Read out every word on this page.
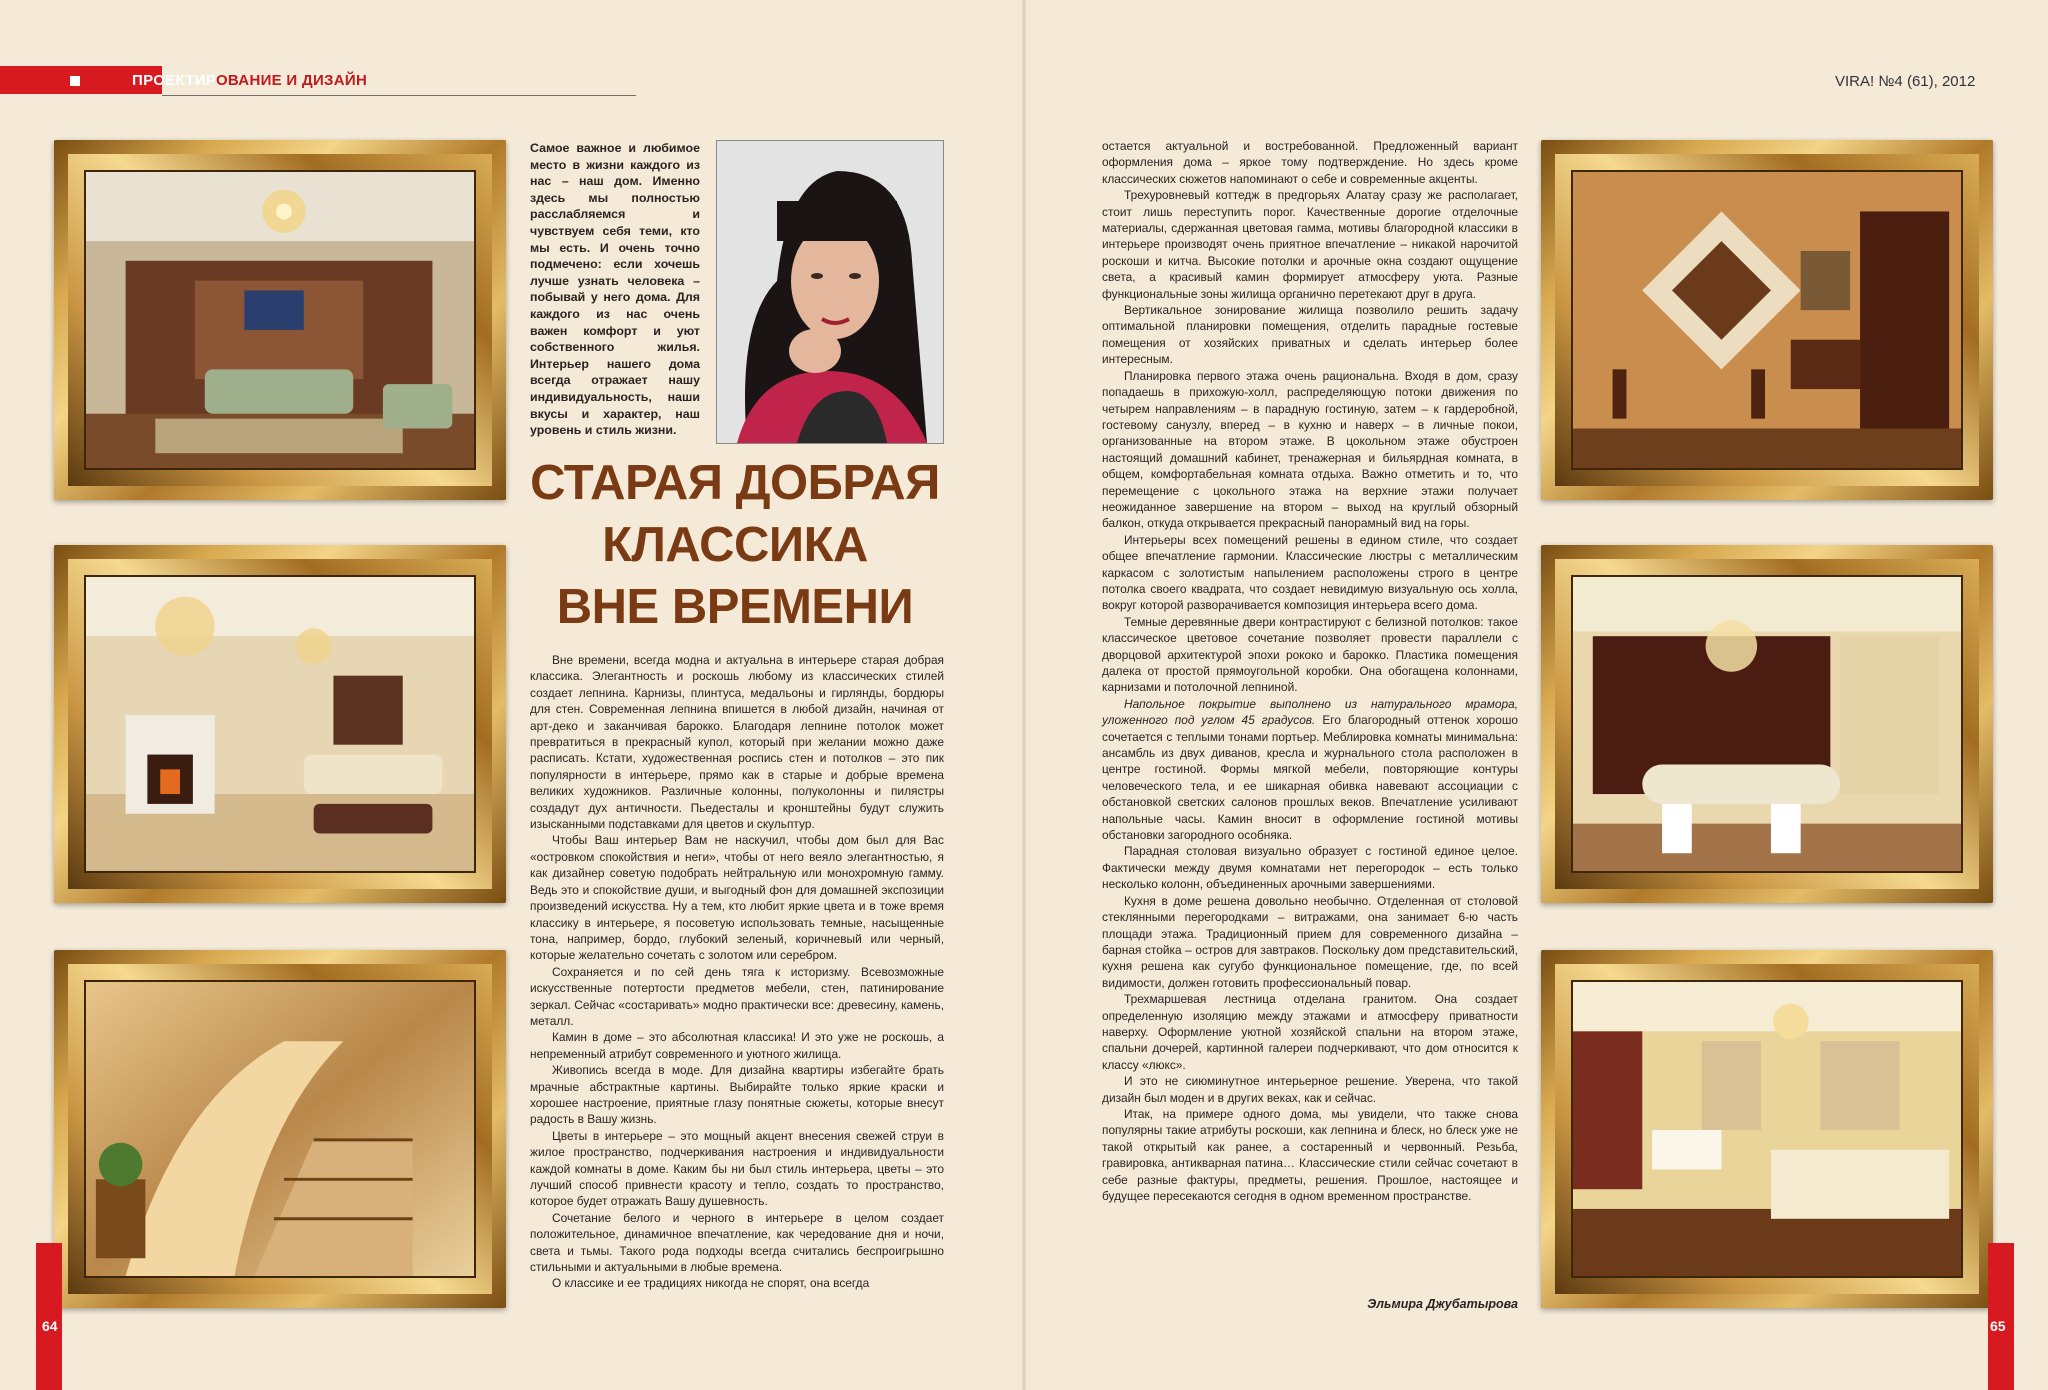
ПРОЕКТИРОВАНИЕ И ДИЗАЙН	VIRA! №4 (61), 2012
Самое важное и любимое место в жизни каждого из нас – наш дом. Именно здесь мы полностью расслабляемся и чувствуем себя теми, кто мы есть. И очень точно подмечено: если хочешь лучше узнать человека – побывай у него дома. Для каждого из нас очень важен комфорт и уют собственного жилья. Интерьер нашего дома всегда отражает нашу индивидуальность, наши вкусы и характер, наш уровень и стиль жизни.
СТАРАЯ ДОБРАЯ
КЛАССИКА
ВНЕ ВРЕМЕНИ

Вне времени, всегда модна и актуальна в интерьере старая добрая классика. Элегантность и роскошь любому из классических стилей создает лепнина. Карнизы, плинтуса, медальоны и гирлянды, бордюры для стен. Современная лепнина впишется в любой дизайн, начиная от арт-деко и заканчивая барокко. Благодаря лепнине потолок может превратиться в прекрасный купол, который при желании можно даже расписать. Кстати, художественная роспись стен и потолков – это пик популярности в интерьере, прямо как в старые и добрые времена великих художников. Различные колонны, полуколонны и пилястры создадут дух античности. Пьедесталы и кронштейны будут служить изысканными подставками для цветов и скульптур.

Чтобы Ваш интерьер Вам не наскучил, чтобы дом был для Вас «островком спокойствия и неги», чтобы от него веяло элегантностью, я как дизайнер советую подобрать нейтральную или монохромную гамму. Ведь это и спокойствие души, и выгодный фон для домашней экспозиции произведений искусства. Ну а тем, кто любит яркие цвета и в тоже время классику в интерьере, я посоветую использовать темные, насыщенные тона, например, бордо, глубокий зеленый, коричневый или черный, которые желательно сочетать с золотом или серебром.

Сохраняется и по сей день тяга к историзму. Всевозможные искусственные потертости предметов мебели, стен, патинирование зеркал. Сейчас «состаривать» модно практически все: древесину, камень, металл.

Камин в доме – это абсолютная классика! И это уже не роскошь, а непременный атрибут современного и уютного жилища.

Живопись всегда в моде. Для дизайна квартиры избегайте брать мрачные абстрактные картины. Выбирайте только яркие краски и хорошее настроение, приятные глазу понятные сюжеты, которые внесут радость в Вашу жизнь.

Цветы в интерьере – это мощный акцент внесения свежей струи в жилое пространство, подчеркивания настроения и индивидуальности каждой комнаты в доме. Каким бы ни был стиль интерьера, цветы – это лучший способ привнести красоту и тепло, создать то пространство, которое будет отражать Вашу душевность.

Сочетание белого и черного в интерьере в целом создает положительное, динамичное впечатление, как чередование дня и ночи, света и тьмы. Такого рода подходы всегда считались беспроигрышно стильными и актуальными в любые времена.

О классике и ее традициях никогда не спорят, она всегда

остается актуальной и востребованной. Предложенный вариант оформления дома – яркое тому подтверждение. Но здесь кроме классических сюжетов напоминают о себе и современные акценты.

Трехуровневый коттедж в предгорьях Алатау сразу же располагает, стоит лишь переступить порог. Качественные дорогие отделочные материалы, сдержанная цветовая гамма, мотивы благородной классики в интерьере производят очень приятное впечатление – никакой нарочитой роскоши и китча. Высокие потолки и арочные окна создают ощущение света, а красивый камин формирует атмосферу уюта. Разные функциональные зоны жилища органично перетекают друг в друга.

Вертикальное зонирование жилища позволило решить задачу оптимальной планировки помещения, отделить парадные гостевые помещения от хозяйских приватных и сделать интерьер более интересным.

Планировка первого этажа очень рациональна. Входя в дом, сразу попадаешь в прихожую-холл, распределяющую потоки движения по четырем направлениям – в парадную гостиную, затем – к гардеробной, гостевому санузлу, вперед – в кухню и наверх – в личные покои, организованные на втором этаже. В цокольном этаже обустроен настоящий домашний кабинет, тренажерная и бильярдная комната, в общем, комфортабельная комната отдыха. Важно отметить и то, что перемещение с цокольного этажа на верхние этажи получает неожиданное завершение на втором – выход на круглый обзорный балкон, откуда открывается прекрасный панорамный вид на горы.

Интерьеры всех помещений решены в едином стиле, что создает общее впечатление гармонии. Классические люстры с металлическим каркасом с золотистым напылением расположены строго в центре потолка своего квадрата, что создает невидимую визуальную ось холла, вокруг которой разворачивается композиция интерьера всего дома.

Темные деревянные двери контрастируют с белизной потолков: такое классическое цветовое сочетание позволяет провести параллели с дворцовой архитектурой эпохи рококо и барокко. Пластика помещения далека от простой прямоугольной коробки. Она обогащена колоннами, карнизами и потолочной лепниной.

Напольное покрытие выполнено из натурального мрамора, уложенного под углом 45 градусов. Его благородный оттенок хорошо сочетается с теплыми тонами портьер. Меблировка комнаты минимальна: ансамбль из двух диванов, кресла и журнального стола расположен в центре гостиной. Формы мягкой мебели, повторяющие контуры человеческого тела, и ее шикарная обивка навевают ассоциации с обстановкой светских салонов прошлых веков. Впечатление усиливают напольные часы. Камин вносит в оформление гостиной мотивы обстановки загородного особняка.

Парадная столовая визуально образует с гостиной единое целое. Фактически между двумя комнатами нет перегородок – есть только несколько колонн, объединенных арочными завершениями.

Кухня в доме решена довольно необычно. Отделенная от столовой стеклянными перегородками – витражами, она занимает 6-ю часть площади этажа. Традиционный прием для современного дизайна – барная стойка – остров для завтраков. Поскольку дом представительский, кухня решена как сугубо функциональное помещение, где, по всей видимости, должен готовить профессиональный повар.

Трехмаршевая лестница отделана гранитом. Она создает определенную изоляцию между этажами и атмосферу приватности наверху. Оформление уютной хозяйской спальни на втором этаже, спальни дочерей, картинной галереи подчеркивают, что дом относится к классу «люкс».

И это не сиюминутное интерьерное решение. Уверена, что такой дизайн был моден и в других веках, как и сейчас.

Итак, на примере одного дома, мы увидели, что также снова популярны такие атрибуты роскоши, как лепнина и блеск, но блеск уже не такой открытый как ранее, а состаренный и червонный. Резьба, гравировка, антикварная патина… Классические стили сейчас сочетают в себе разные фактуры, предметы, решения. Прошлое, настоящее и будущее пересекаются сегодня в одном временном пространстве.

Эльмира Джубатырова
64	65
